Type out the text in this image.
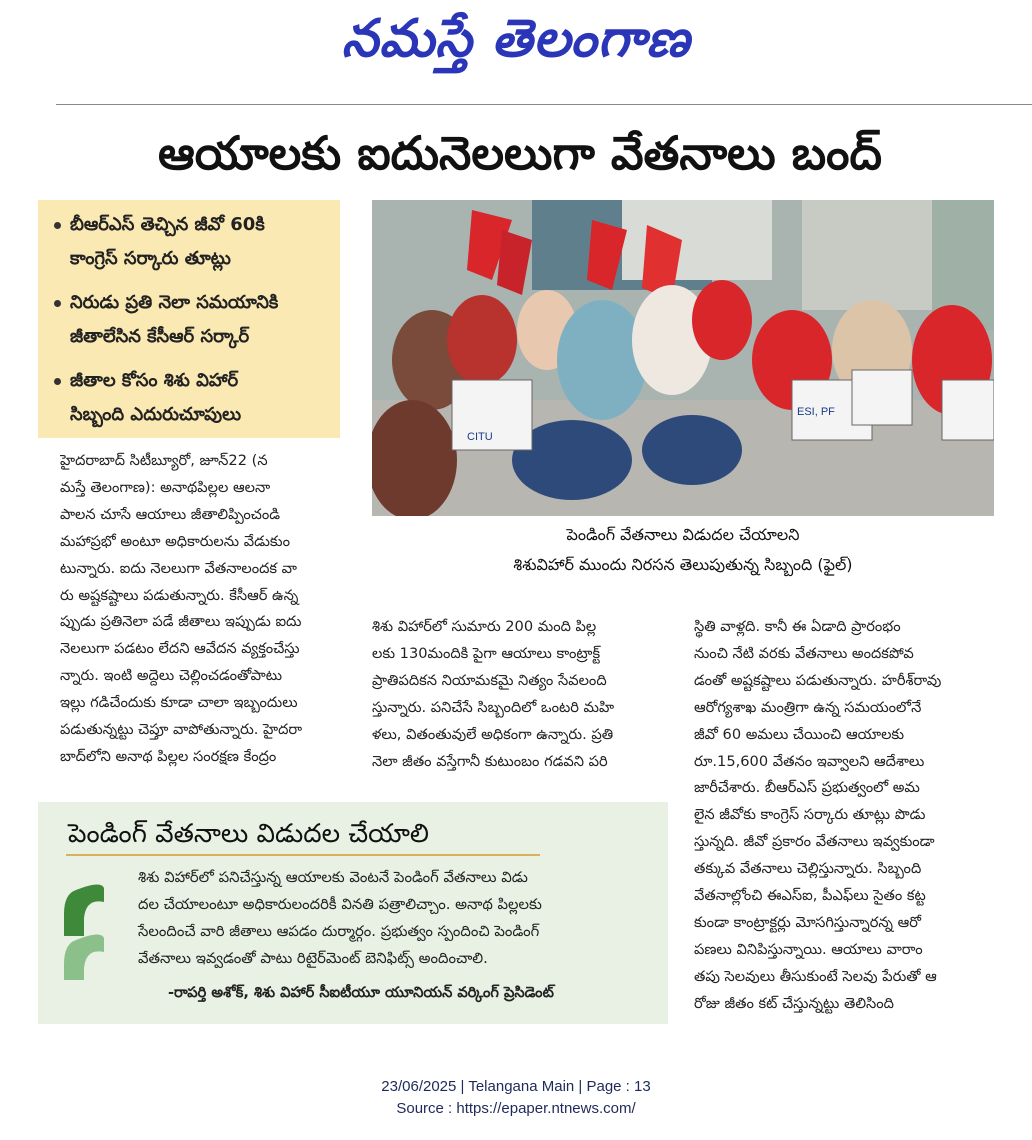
నమస్తే తెలంగాణ
ఆయాలకు ఐదునెలలుగా వేతనాలు బంద్
బీఆర్ఎస్ తెచ్చిన జీవో 60కి
కాంగ్రెస్ సర్కారు తూట్లు
నిరుడు ప్రతి నెలా సమయానికి
జీతాలేసిన కేసీఆర్ సర్కార్
జీతాల కోసం శిశు విహార్
సిబ్బంది ఎదురుచూపులు
CITU
ESI, PF
పెండింగ్ వేతనాలు విడుదల చేయాలని
శిశువిహార్ ముందు నిరసన తెలుపుతున్న సిబ్బంది (ఫైల్)

హైదరాబాద్ సిటీబ్యూరో, జూన్22 (న

మస్తే తెలంగాణ): అనాథపిల్లల ఆలనా

పాలన చూసే ఆయాలు జీతాలిప్పించండి

మహాప్రభో అంటూ అధికారులను వేడుకుం

టున్నారు. ఐదు నెలలుగా వేతనాలందక వా

రు అష్టకష్టాలు పడుతున్నారు. కేసీఆర్ ఉన్న

ప్పుడు ప్రతినెలా పడే జీతాలు ఇప్పుడు ఐదు

నెలలుగా పడటం లేదని ఆవేదన వ్యక్తంచేస్తు

న్నారు. ఇంటి అద్దెలు చెల్లించడంతోపాటు

ఇల్లు గడిచేందుకు కూడా చాలా ఇబ్బందులు

పడుతున్నట్టు చెప్తూ వాపోతున్నారు. హైదరా

బాద్‌లోని అనాథ పిల్లల సంరక్షణ కేంద్రం

శిశు విహార్‌లో సుమారు 200 మంది పిల్ల

లకు 130మందికి పైగా ఆయాలు కాంట్రాక్ట్

ప్రాతిపదికన నియామకమై నిత్యం సేవలంది

స్తున్నారు. పనిచేసే సిబ్బందిలో ఒంటరి మహి

ళలు, వితంతువులే అధికంగా ఉన్నారు. ప్రతి

నెలా జీతం వస్తేగానీ కుటుంబం గడవని పరి

స్థితి వాళ్లది. కానీ ఈ ఏడాది ప్రారంభం

నుంచి నేటి వరకు వేతనాలు అందకపోవ

డంతో అష్టకష్టాలు పడుతున్నారు. హరీశ్‌రావు

ఆరోగ్యశాఖ మంత్రిగా ఉన్న సమయంలోనే

జీవో 60 అమలు చేయించి ఆయాలకు

రూ.15,600 వేతనం ఇవ్వాలని ఆదేశాలు

జారీచేశారు. బీఆర్ఎస్ ప్రభుత్వంలో అమ

లైన జీవోకు కాంగ్రెస్ సర్కారు తూట్లు పొడు

స్తున్నది. జీవో ప్రకారం వేతనాలు ఇవ్వకుండా

తక్కువ వేతనాలు చెల్లిస్తున్నారు. సిబ్బంది

వేతనాల్లోంచి ఈఎస్ఐ, పీఎఫ్‌లు సైతం కట్ట

కుండా కాంట్రాక్టర్లు మోసగిస్తున్నారన్న ఆరో

పణలు వినిపిస్తున్నాయి. ఆయాలు వారాం

తపు సెలవులు తీసుకుంటే సెలవు పేరుతో ఆ

రోజు జీతం కట్ చేస్తున్నట్టు తెలిసింది

పెండింగ్ వేతనాలు విడుదల చేయాలి

శిశు విహార్‌లో పనిచేస్తున్న ఆయాలకు వెంటనే పెండింగ్ వేతనాలు విడు

దల చేయాలంటూ అధికారులందరికీ వినతి పత్రాలిచ్చాం. అనాథ పిల్లలకు

సేలందించే వారి జీతాలు ఆపడం దుర్మార్గం. ప్రభుత్వం స్పందించి పెండింగ్

వేతనాలు ఇవ్వడంతో పాటు రిటైర్‌మెంట్ బెనిఫిట్స్ అందించాలి.

-రాపర్తి అశోక్, శిశు విహార్ సీఐటీయూ యూనియన్ వర్కింగ్ ప్రెసిడెంట్
23/06/2025 | Telangana Main | Page : 13
Source : https://epaper.ntnews.com/
